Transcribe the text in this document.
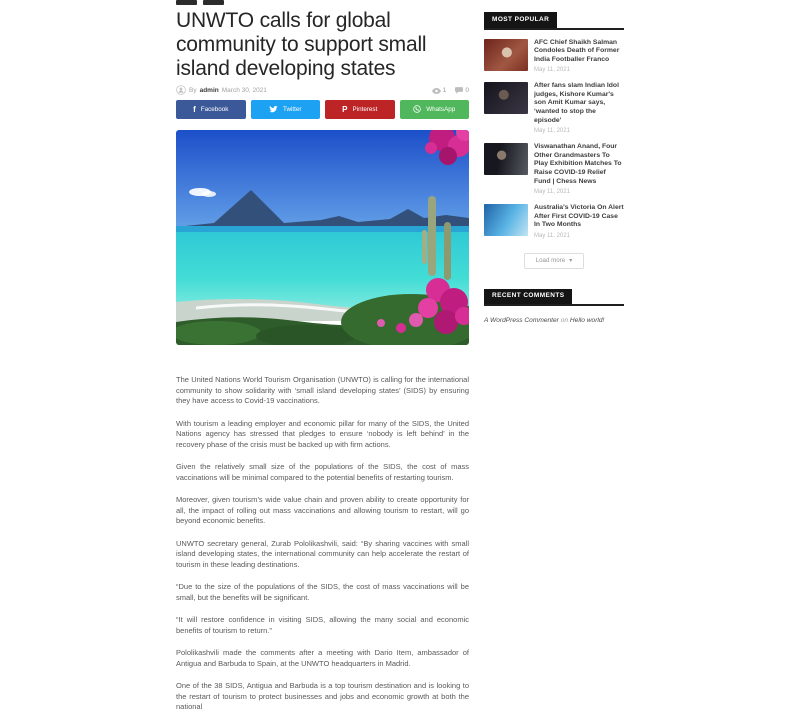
UNWTO calls for global community to support small island developing states
By admin March 30, 2021	1	0
f Facebook	Twitter	P Pinterest	WhatsApp

The United Nations World Tourism Organisation (UNWTO) is calling for the international community to show solidarity with ‘small island developing states’ (SIDS) by ensuring they have access to Covid-19 vaccinations.

With tourism a leading employer and economic pillar for many of the SIDS, the United Nations agency has stressed that pledges to ensure ‘nobody is left behind’ in the recovery phase of the crisis must be backed up with firm actions.

Given the relatively small size of the populations of the SIDS, the cost of mass vaccinations will be minimal compared to the potential benefits of restarting tourism.

Moreover, given tourism’s wide value chain and proven ability to create opportunity for all, the impact of rolling out mass vaccinations and allowing tourism to restart, will go beyond economic benefits.

UNWTO secretary general, Zurab Pololikashvili, said: “By sharing vaccines with small island developing states, the international community can help accelerate the restart of tourism in these leading destinations.

“Due to the size of the populations of the SIDS, the cost of mass vaccinations will be small, but the benefits will be significant.

“It will restore confidence in visiting SIDS, allowing the many social and economic benefits of tourism to return.”

Pololikashvili made the comments after a meeting with Dario Item, ambassador of Antigua and Barbuda to Spain, at the UNWTO headquarters in Madrid.

One of the 38 SIDS, Antigua and Barbuda is a top tourism destination and is looking to the restart of tourism to protect businesses and jobs and economic growth at both the national

MOST POPULAR
AFC Chief Shaikh Salman Condoles Death of Former India Footballer Franco
May 11, 2021
After fans slam Indian Idol judges, Kishore Kumar's son Amit Kumar says, ‘wanted to stop the episode’
May 11, 2021
Viswanathan Anand, Four Other Grandmasters To Play Exhibition Matches To Raise COVID-19 Relief Fund | Chess News
May 11, 2021
Australia's Victoria On Alert After First COVID-19 Case In Two Months
May 11, 2021
Load more ▾
RECENT COMMENTS
A WordPress Commenter on Hello world!
